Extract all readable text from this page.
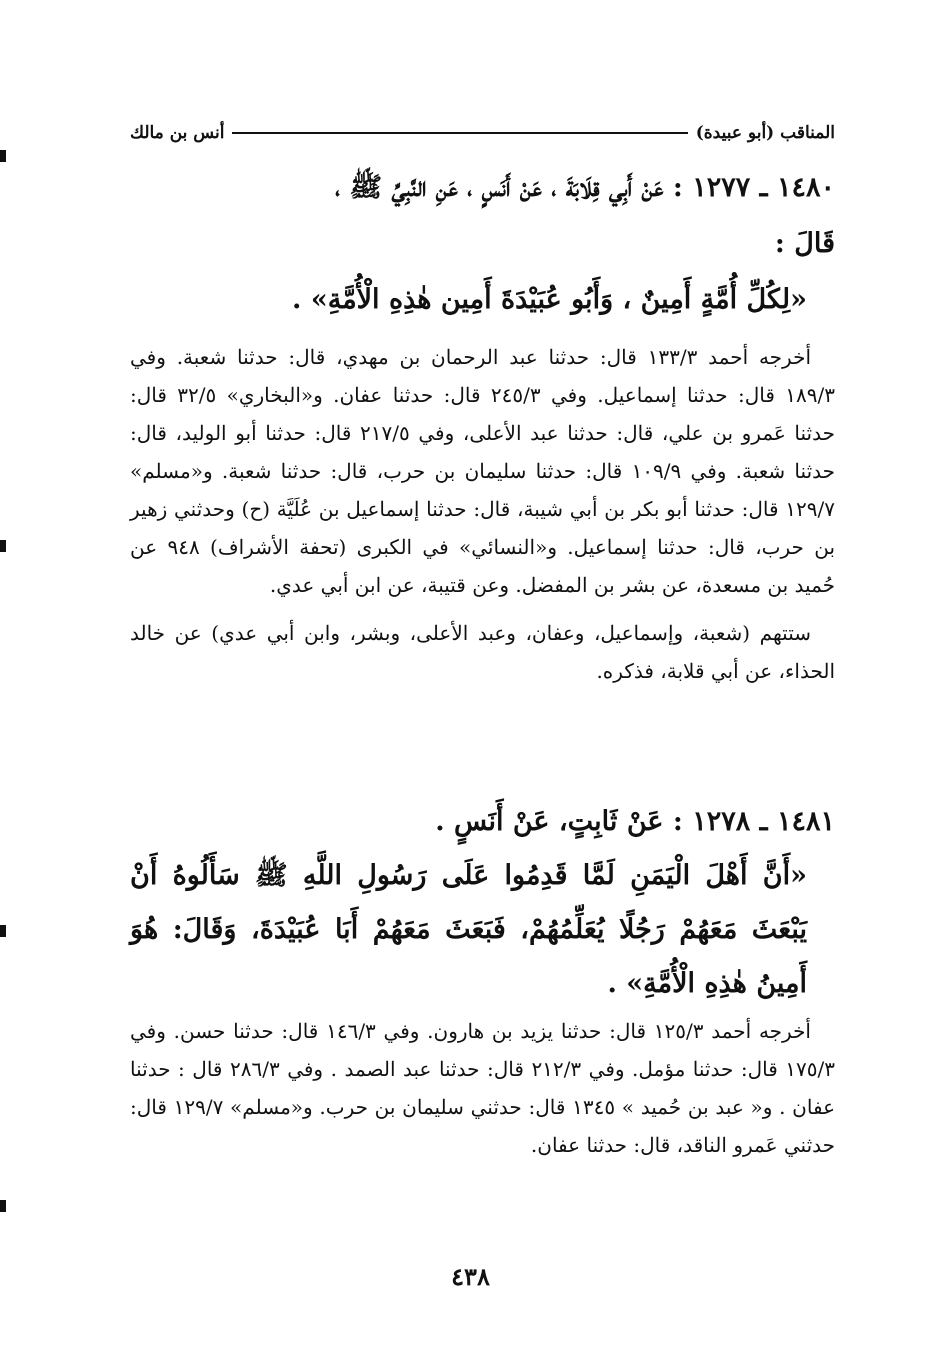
المناقب (أبو عبيدة)
أنس بن مالك

١٤٨٠ ـ ١٢٧٧ : عَنْ أَبِي قِلَابَةَ ، عَنْ أَنَسٍ ، عَنِ النَّبِيِّ ﷺ ،

قَالَ :

«لِكُلِّ أُمَّةٍ أَمِينٌ ، وَأَبُو عُبَيْدَةَ أَمِين هٰذِهِ الْأُمَّةِ» .

أخرجه أحمد ١٣٣/٣ قال: حدثنا عبد الرحمان بن مهدي، قال: حدثنا شعبة. وفي ١٨٩/٣ قال: حدثنا إسماعيل. وفي ٢٤٥/٣ قال: حدثنا عفان. و«البخاري» ٣٢/٥ قال: حدثنا عَمرو بن علي، قال: حدثنا عبد الأعلى، وفي ٢١٧/٥ قال: حدثنا أبو الوليد، قال: حدثنا شعبة. وفي ١٠٩/٩ قال: حدثنا سليمان بن حرب، قال: حدثنا شعبة. و«مسلم» ١٢٩/٧ قال: حدثنا أبو بكر بن أبي شيبة، قال: حدثنا إسماعيل بن عُلَيَّة (ح) وحدثني زهير بن حرب، قال: حدثنا إسماعيل. و«النسائي» في الكبرى (تحفة الأشراف) ٩٤٨ عن حُميد بن مسعدة، عن بشر بن المفضل. وعن قتيبة، عن ابن أبي عدي.

ستتهم (شعبة، وإسماعيل، وعفان، وعبد الأعلى، وبشر، وابن أبي عدي) عن خالد الحذاء، عن أبي قلابة، فذكره.

١٤٨١ ـ ١٢٧٨ : عَنْ ثَابِتٍ، عَنْ أَنَسٍ .

«أَنَّ أَهْلَ الْيَمَنِ لَمَّا قَدِمُوا عَلَى رَسُولِ اللَّهِ ﷺ سَأَلُوهُ أَنْ يَبْعَثَ مَعَهُمْ رَجُلًا يُعَلِّمُهُمْ، فَبَعَثَ مَعَهُمْ أَبَا عُبَيْدَةَ، وَقَالَ: هُوَ أَمِينُ هٰذِهِ الْأُمَّةِ» .

أخرجه أحمد ١٢٥/٣ قال: حدثنا يزيد بن هارون. وفي ١٤٦/٣ قال: حدثنا حسن. وفي ١٧٥/٣ قال: حدثنا مؤمل. وفي ٢١٢/٣ قال: حدثنا عبد الصمد . وفي ٢٨٦/٣ قال : حدثنا عفان . و« عبد بن حُميد » ١٣٤٥ قال: حدثني سليمان بن حرب. و«مسلم» ١٢٩/٧ قال: حدثني عَمرو الناقد، قال: حدثنا عفان.

٤٣٨
